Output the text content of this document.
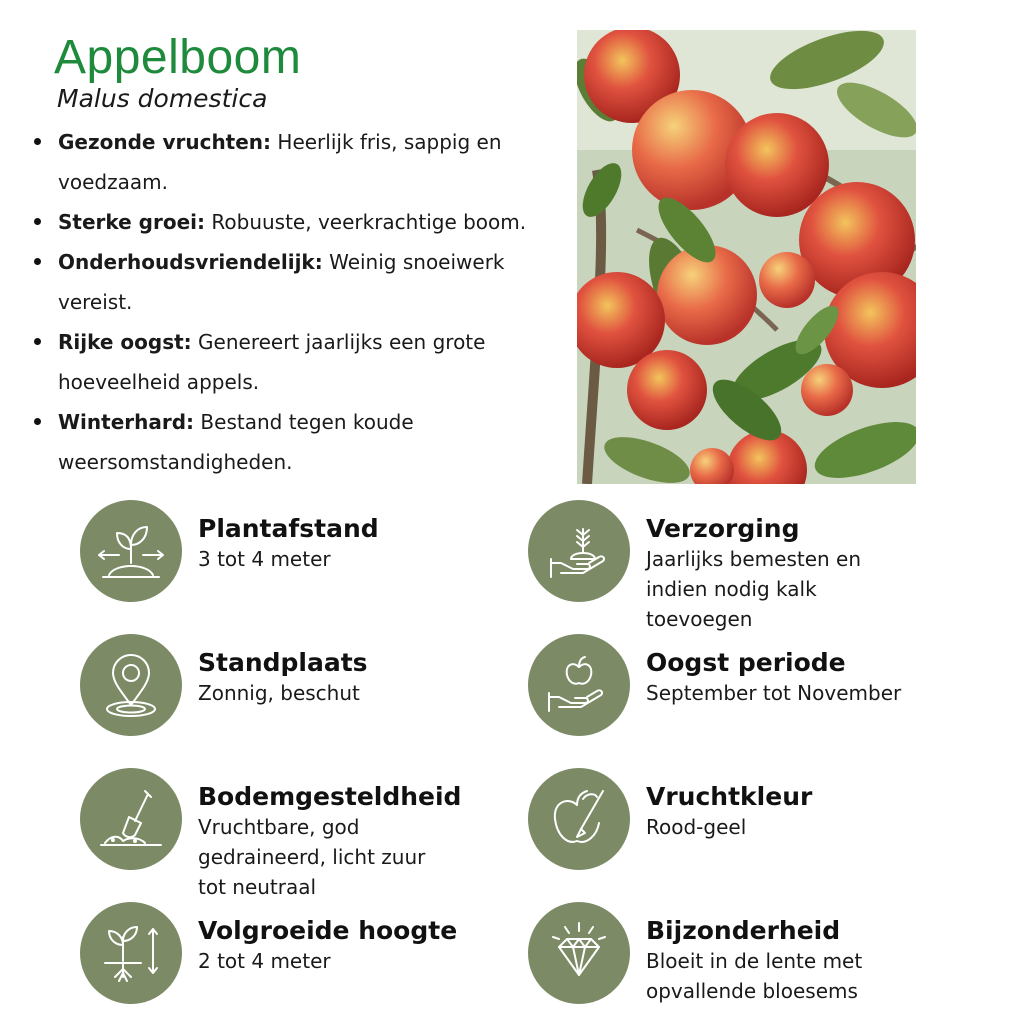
Appelboom
Malus domestica
Gezonde vruchten: Heerlijk fris, sappig en voedzaam.
Sterke groei: Robuuste, veerkrachtige boom.
Onderhoudsvriendelijk: Weinig snoeiwerk vereist.
Rijke oogst: Genereert jaarlijks een grote hoeveelheid appels.
Winterhard: Bestand tegen koude weersomstandigheden.
Plantafstand
3 tot 4 meter
Verzorging
Jaarlijks bemesten en indien nodig kalk toevoegen
Standplaats
Zonnig, beschut
Oogst periode
September tot November
Bodemgesteldheid
Vruchtbare, god gedraineerd, licht zuur tot neutraal
Vruchtkleur
Rood-geel
Volgroeide hoogte
2 tot 4 meter
Bijzonderheid
Bloeit in de lente met opvallende bloesems
